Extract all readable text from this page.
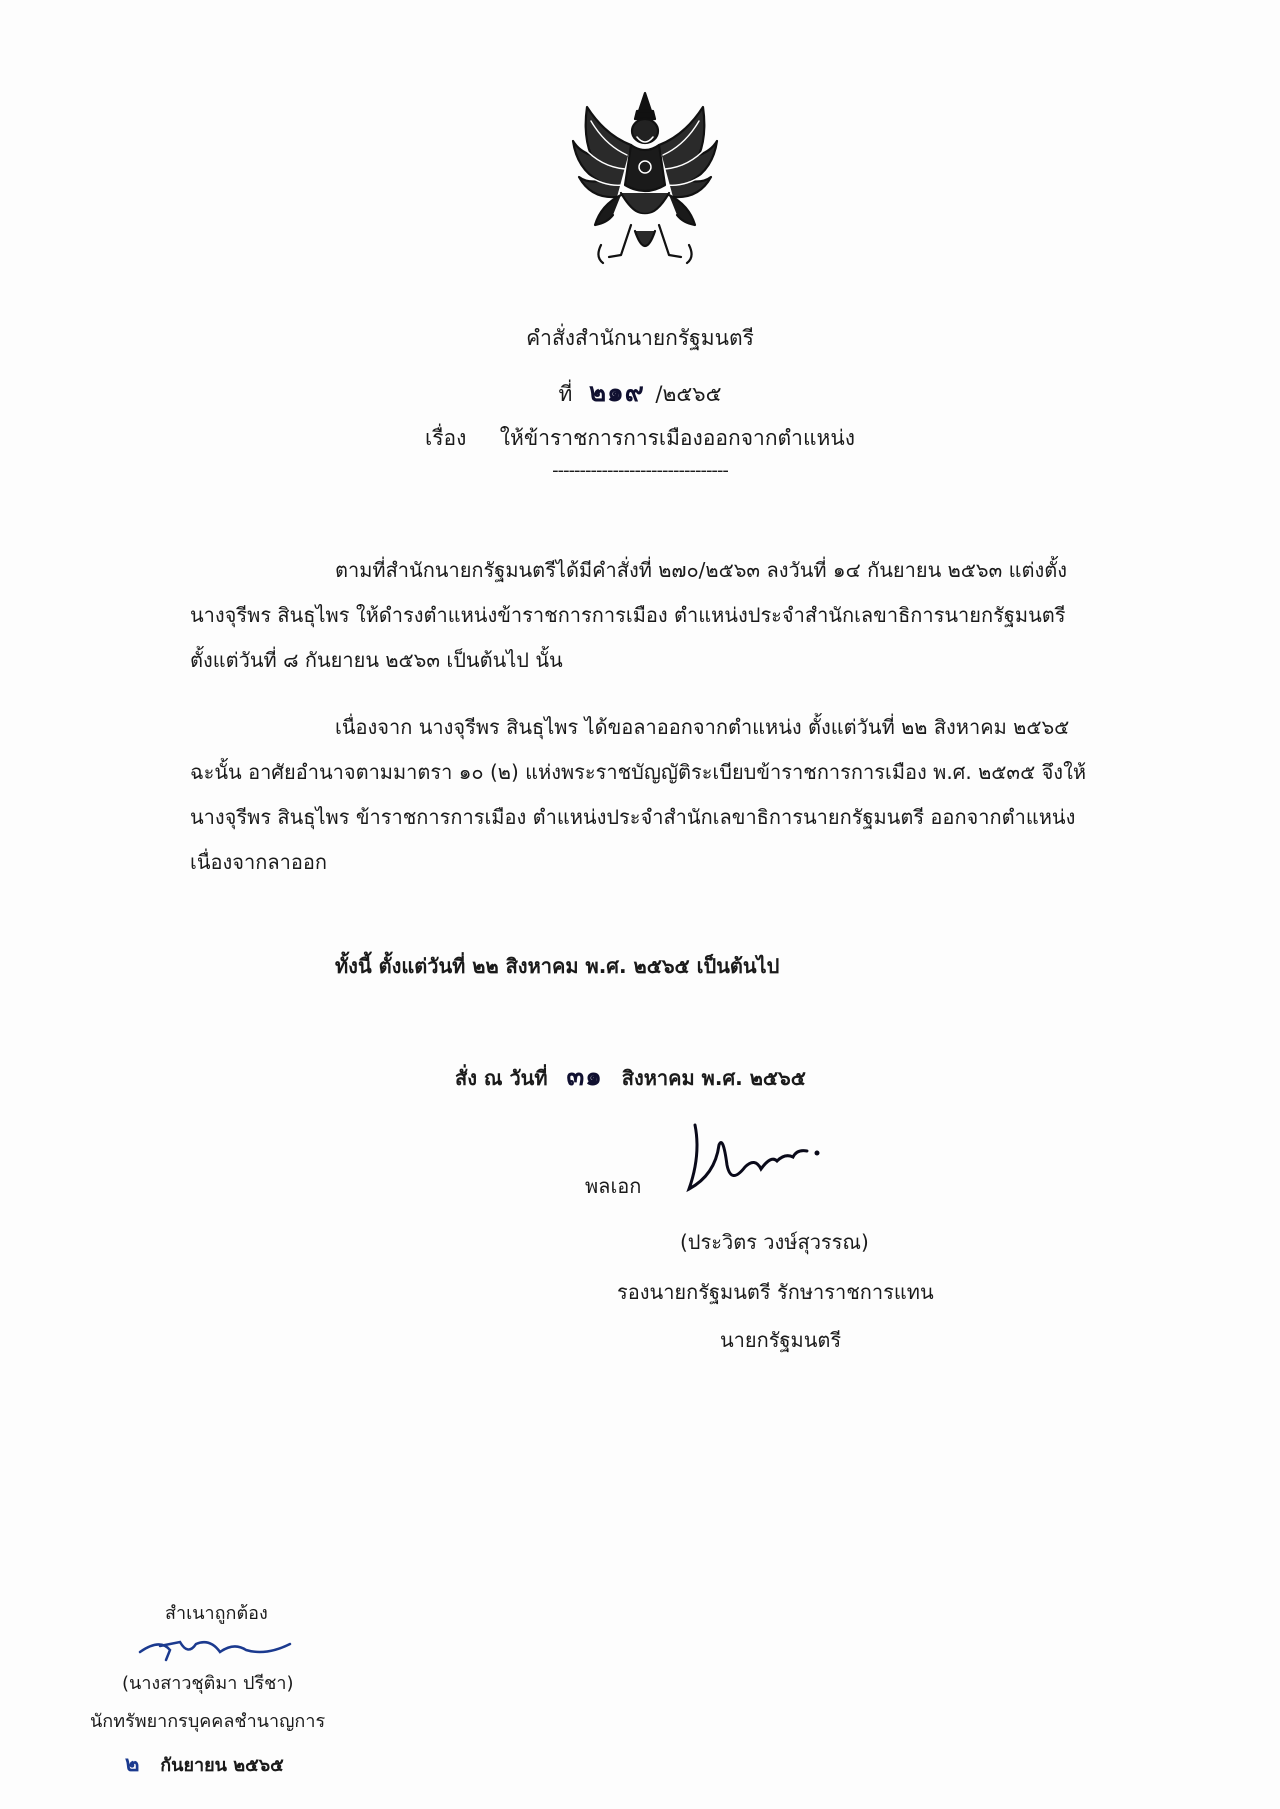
คำสั่งสำนักนายกรัฐมนตรี
ที่ ๒๑๙ /๒๕๖๕
เรื่อง ให้ข้าราชการการเมืองออกจากตำแหน่ง
--------------------------------
ตามที่สำนักนายกรัฐมนตรีได้มีคำสั่งที่ ๒๗๐/๒๕๖๓ ลงวันที่ ๑๔ กันยายน ๒๕๖๓ แต่งตั้ง
นางจุรีพร สินธุไพร ให้ดำรงตำแหน่งข้าราชการการเมือง ตำแหน่งประจำสำนักเลขาธิการนายกรัฐมนตรี
ตั้งแต่วันที่ ๘ กันยายน ๒๕๖๓ เป็นต้นไป นั้น
เนื่องจาก นางจุรีพร สินธุไพร ได้ขอลาออกจากตำแหน่ง ตั้งแต่วันที่ ๒๒ สิงหาคม ๒๕๖๕
ฉะนั้น อาศัยอำนาจตามมาตรา ๑๐ (๒) แห่งพระราชบัญญัติระเบียบข้าราชการการเมือง พ.ศ. ๒๕๓๕ จึงให้
นางจุรีพร สินธุไพร ข้าราชการการเมือง ตำแหน่งประจำสำนักเลขาธิการนายกรัฐมนตรี ออกจากตำแหน่ง
เนื่องจากลาออก
ทั้งนี้ ตั้งแต่วันที่ ๒๒ สิงหาคม พ.ศ. ๒๕๖๕ เป็นต้นไป
สั่ง ณ วันที่ ๓๑ สิงหาคม พ.ศ. ๒๕๖๕
พลเอก
(ประวิตร วงษ์สุวรรณ)
รองนายกรัฐมนตรี รักษาราชการแทน
นายกรัฐมนตรี
สำเนาถูกต้อง
(นางสาวชุติมา ปรีชา)
นักทรัพยากรบุคคลชำนาญการ
๒ กันยายน ๒๕๖๕
